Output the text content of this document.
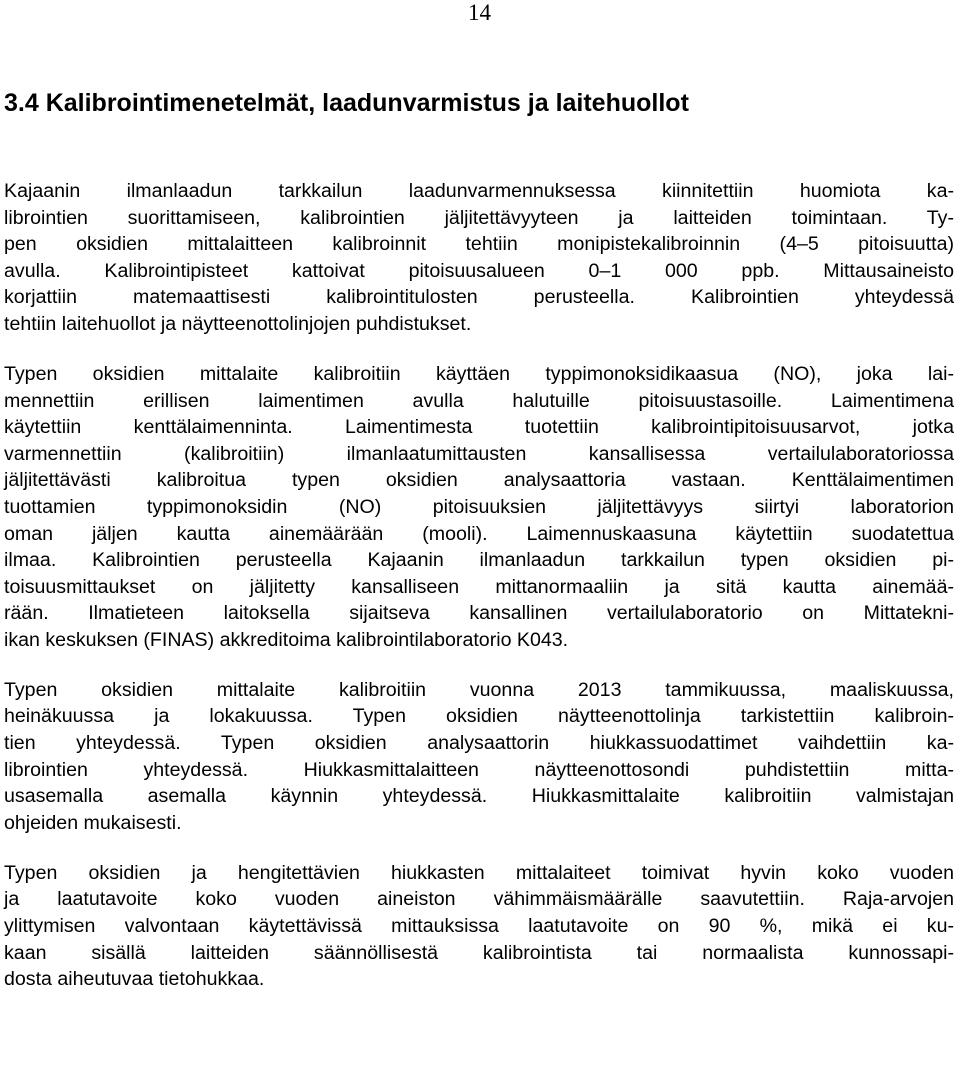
14
3.4 Kalibrointimenetelmät, laadunvarmistus ja laitehuollot

Kajaanin ilmanlaadun tarkkailun laadunvarmennuksessa kiinnitettiin huomiota ka-
librointien suorittamiseen, kalibrointien jäljitettävyyteen ja laitteiden toimintaan. Ty-
pen oksidien mittalaitteen kalibroinnit tehtiin monipistekalibroinnin (4–5 pitoisuutta)
avulla. Kalibrointipisteet kattoivat pitoisuusalueen 0–1 000 ppb. Mittausaineisto
korjattiin matemaattisesti kalibrointitulosten perusteella. Kalibrointien yhteydessä
tehtiin laitehuollot ja näytteenottolinjojen puhdistukset.

Typen oksidien mittalaite kalibroitiin käyttäen typpimonoksidikaasua (NO), joka lai-
mennettiin erillisen laimentimen avulla halutuille pitoisuustasoille. Laimentimena
käytettiin kenttälaimenninta. Laimentimesta tuotettiin kalibrointipitoisuusarvot, jotka
varmennettiin (kalibroitiin) ilmanlaatumittausten kansallisessa vertailulaboratoriossa
jäljitettävästi kalibroitua typen oksidien analysaattoria vastaan. Kenttälaimentimen
tuottamien typpimonoksidin (NO) pitoisuuksien jäljitettävyys siirtyi laboratorion
oman jäljen kautta ainemäärään (mooli). Laimennuskaasuna käytettiin suodatettua
ilmaa. Kalibrointien perusteella Kajaanin ilmanlaadun tarkkailun typen oksidien pi-
toisuusmittaukset on jäljitetty kansalliseen mittanormaaliin ja sitä kautta ainemää-
rään. Ilmatieteen laitoksella sijaitseva kansallinen vertailulaboratorio on Mittatekni-
ikan keskuksen (FINAS) akkreditoima kalibrointilaboratorio K043.

Typen oksidien mittalaite kalibroitiin vuonna 2013 tammikuussa, maaliskuussa,
heinäkuussa ja lokakuussa. Typen oksidien näytteenottolinja tarkistettiin kalibroin-
tien yhteydessä. Typen oksidien analysaattorin hiukkassuodattimet vaihdettiin ka-
librointien yhteydessä. Hiukkasmittalaitteen näytteenottosondi puhdistettiin mitta-
usasemalla asemalla käynnin yhteydessä. Hiukkasmittalaite kalibroitiin valmistajan
ohjeiden mukaisesti.

Typen oksidien ja hengitettävien hiukkasten mittalaiteet toimivat hyvin koko vuoden
ja laatutavoite koko vuoden aineiston vähimmäismäärälle saavutettiin. Raja-arvojen
ylittymisen valvontaan käytettävissä mittauksissa laatutavoite on 90 %, mikä ei ku-
kaan sisällä laitteiden säännöllisestä kalibrointista tai normaalista kunnossapi-
dosta aiheutuvaa tietohukkaa.
